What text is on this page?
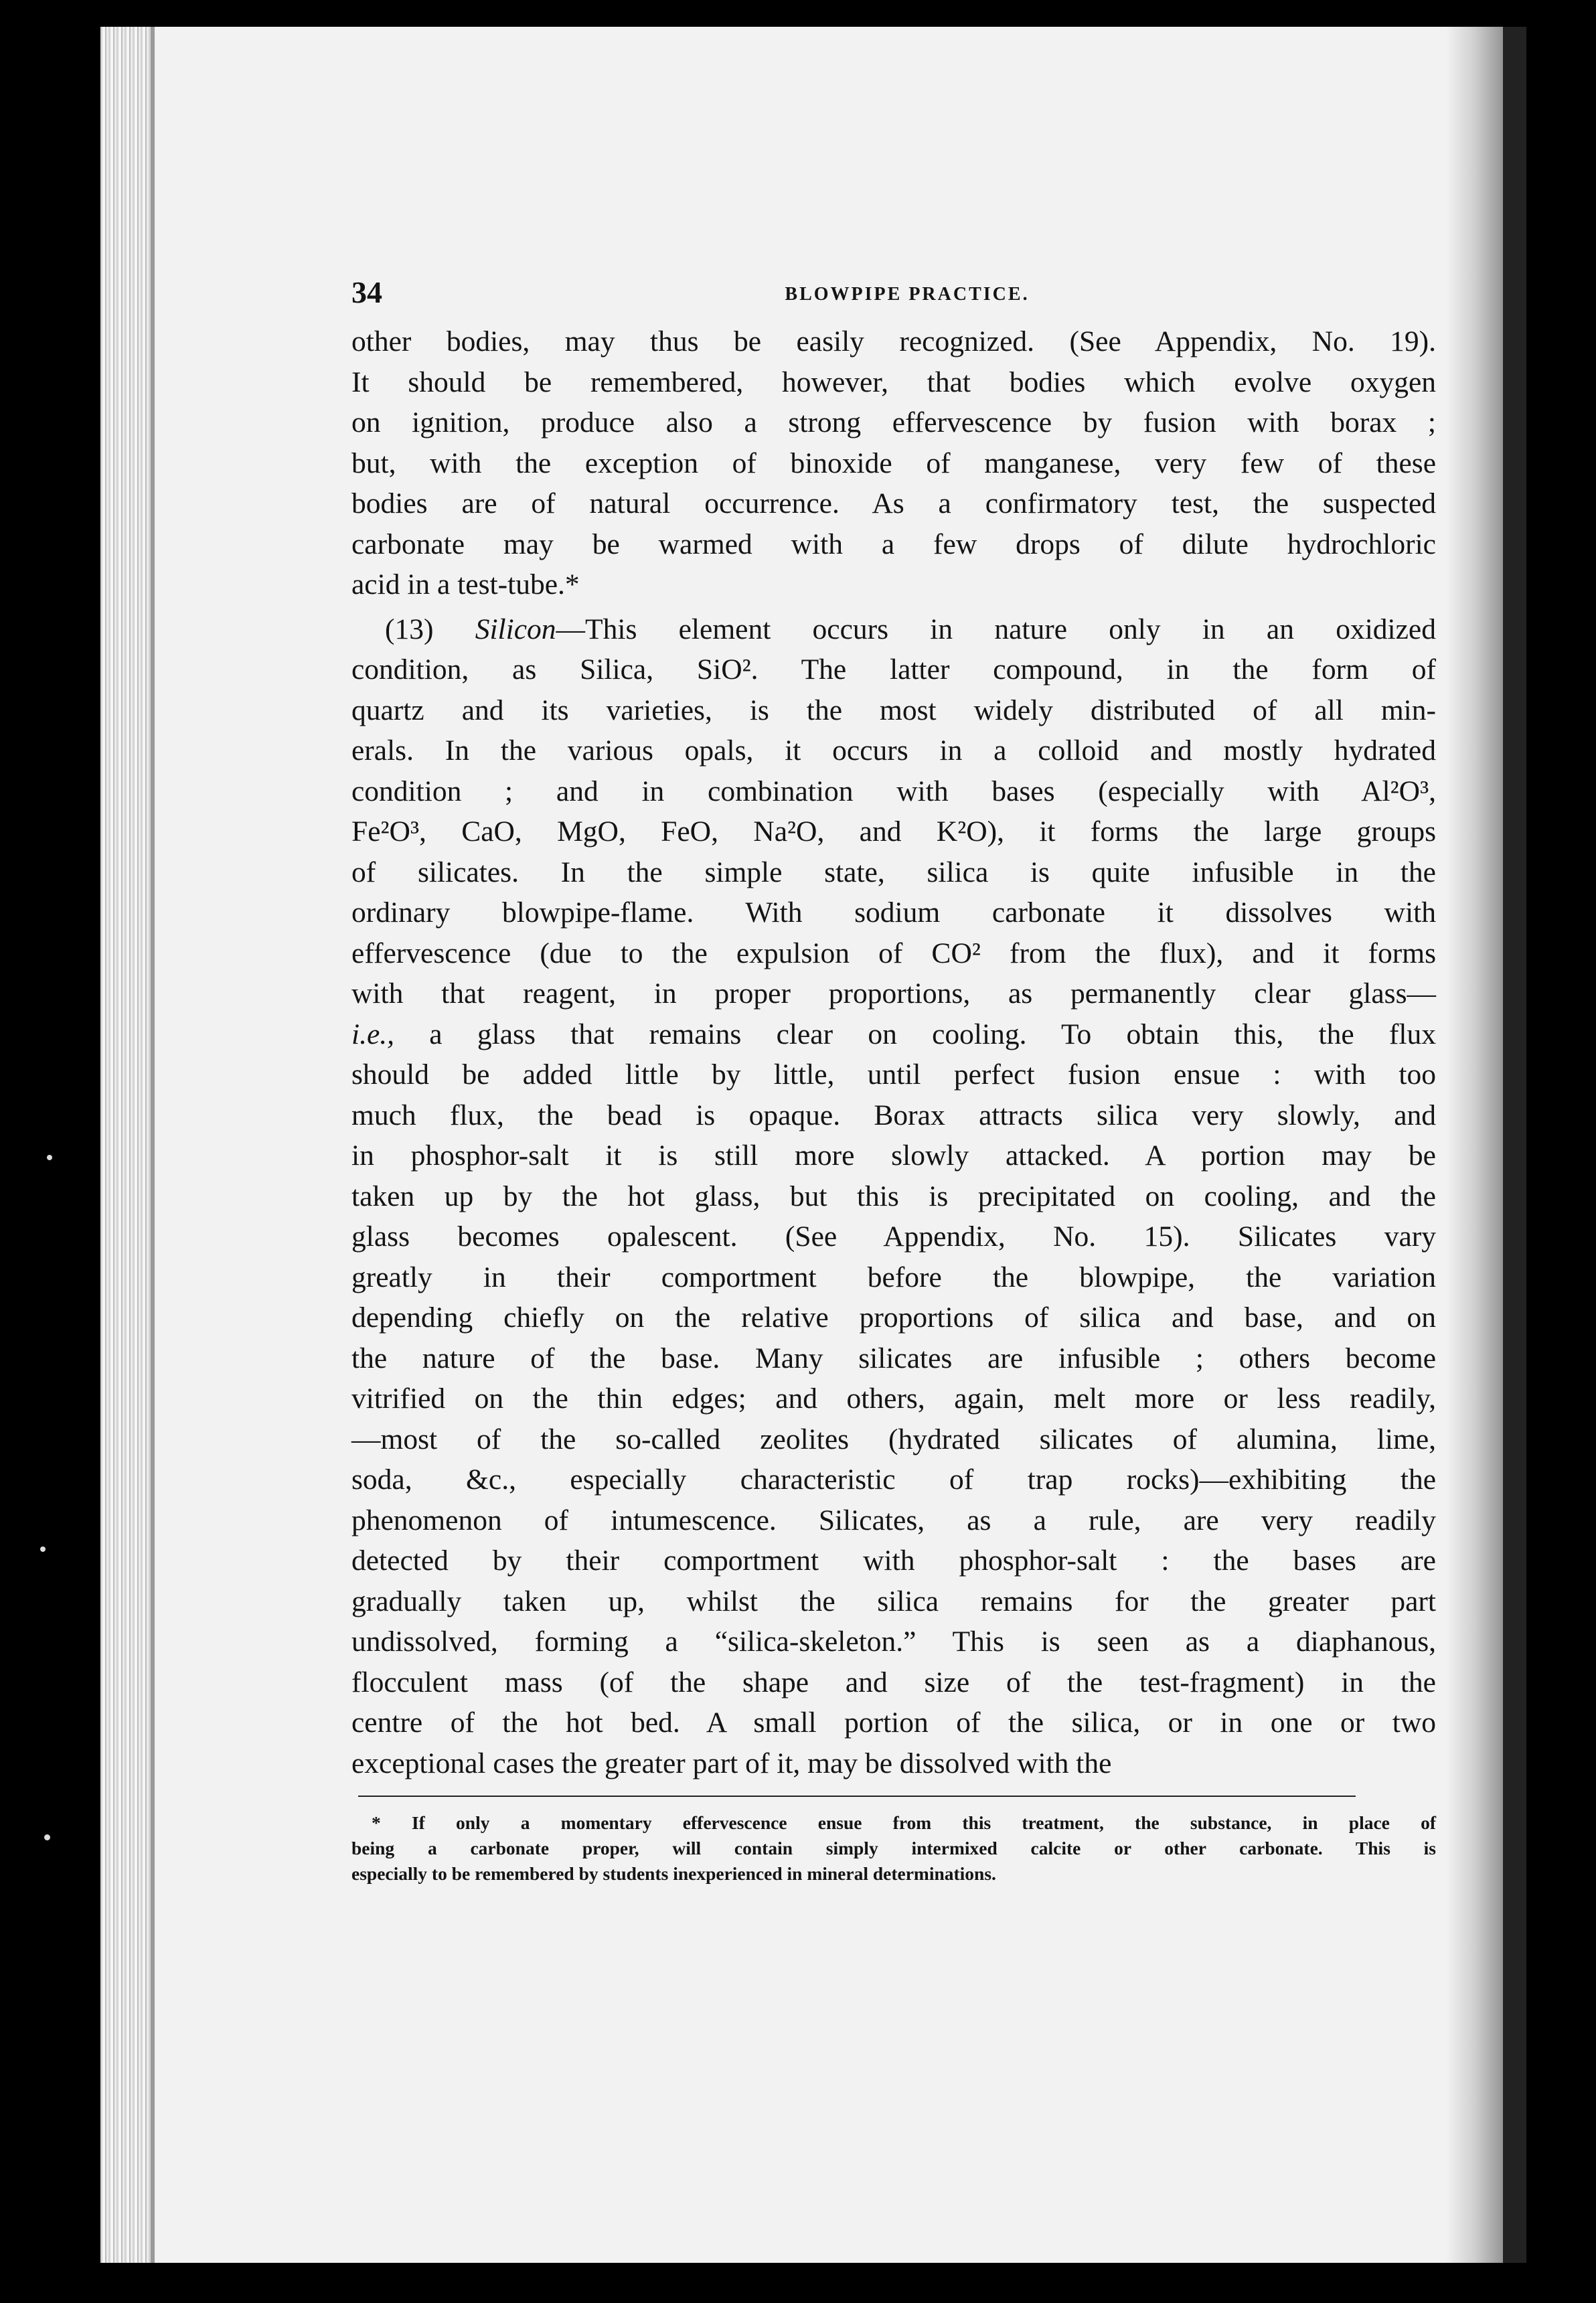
34	BLOWPIPE PRACTICE.
other bodies, may thus be easily recognized. (See Appendix, No. 19).
It should be remembered, however, that bodies which evolve oxygen
on ignition, produce also a strong effervescence by fusion with borax ;
but, with the exception of binoxide of manganese, very few of these
bodies are of natural occurrence. As a confirmatory test, the suspected
carbonate may be warmed with a few drops of dilute hydrochloric
acid in a test-tube.*
(13) Silicon—This element occurs in nature only in an oxidized
condition, as Silica, SiO². The latter compound, in the form of
quartz and its varieties, is the most widely distributed of all min-
erals. In the various opals, it occurs in a colloid and mostly hydrated
condition ; and in combination with bases (especially with Al²O³,
Fe²O³, CaO, MgO, FeO, Na²O, and K²O), it forms the large groups
of silicates. In the simple state, silica is quite infusible in the
ordinary blowpipe-flame. With sodium carbonate it dissolves with
effervescence (due to the expulsion of CO² from the flux), and it forms
with that reagent, in proper proportions, as permanently clear glass—
i.e., a glass that remains clear on cooling. To obtain this, the flux
should be added little by little, until perfect fusion ensue : with too
much flux, the bead is opaque. Borax attracts silica very slowly, and
in phosphor-salt it is still more slowly attacked. A portion may be
taken up by the hot glass, but this is precipitated on cooling, and the
glass becomes opalescent. (See Appendix, No. 15). Silicates vary
greatly in their comportment before the blowpipe, the variation
depending chiefly on the relative proportions of silica and base, and on
the nature of the base. Many silicates are infusible ; others become
vitrified on the thin edges; and others, again, melt more or less readily,
—most of the so-called zeolites (hydrated silicates of alumina, lime,
soda, &c., especially characteristic of trap rocks)—exhibiting the
phenomenon of intumescence. Silicates, as a rule, are very readily
detected by their comportment with phosphor-salt : the bases are
gradually taken up, whilst the silica remains for the greater part
undissolved, forming a “silica-skeleton.” This is seen as a diaphanous,
flocculent mass (of the shape and size of the test-fragment) in the
centre of the hot bed. A small portion of the silica, or in one or two
exceptional cases the greater part of it, may be dissolved with the
* If only a momentary effervescence ensue from this treatment, the substance, in place of
being a carbonate proper, will contain simply intermixed calcite or other carbonate. This is
especially to be remembered by students inexperienced in mineral determinations.
